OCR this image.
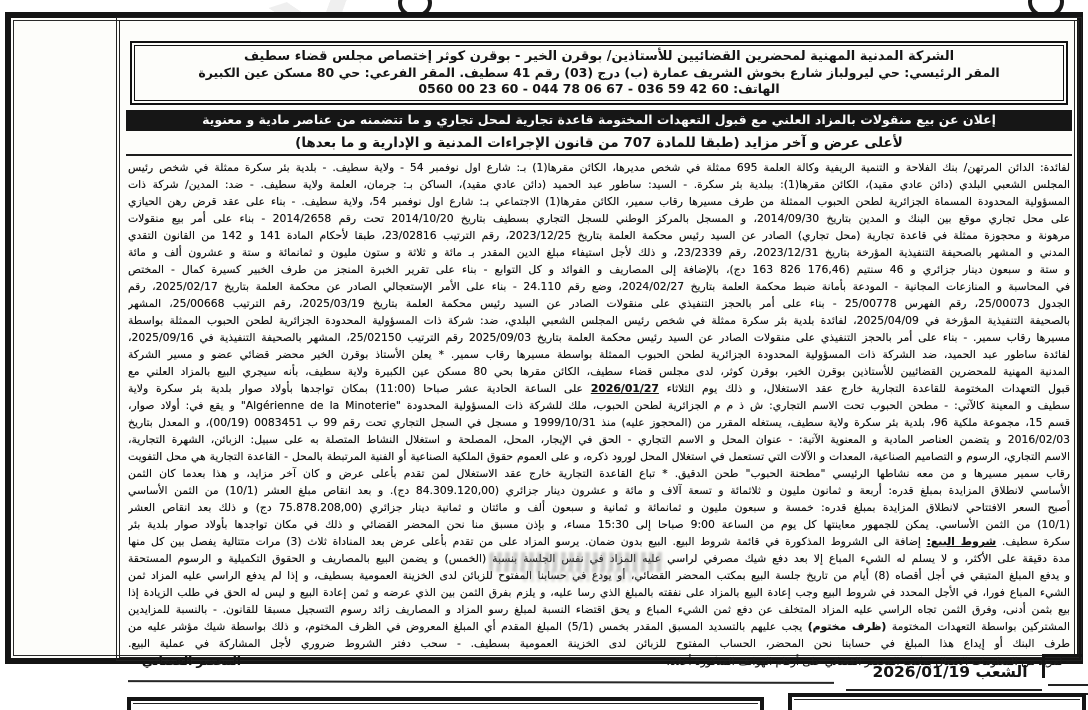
الشركة المدنية المهنية لمحضرين القضائيين للأستاذين/ بوقرن الخير - بوقرن كوثر إختصاص مجلس قضاء سطيف
المقر الرئيسي: حي ليرولباز شارع بخوش الشريف عمارة (ب) درج (03) رقم 41 سطيف. المقر الفرعي: حي 80 مسكن عين الكبيرة
الهاتف: 0560 00 23 60 - 044 78 06 67 - 036 59 42 60
إعلان عن بيع منقولات بالمزاد العلني مع قبول التعهدات المختومة قاعدة تجارية لمحل تجاري و ما تتضمنه من عناصر مادية و معنوية
لأعلى عرض و آخر مزايد (طبقا للمادة 707 من قانون الإجراءات المدنية و الإدارية و ما بعدها)
لفائدة: الدائن المرتهن/ بنك الفلاحة و التنمية الريفية وكالة العلمة 695 ممثلة في شخص مديرها، الكائن مقرها(1) بـ: شارع اول نوفمبر 54 - ولاية سطيف. - بلدية بئر سكرة ممثلة في شخص رئيس
المجلس الشعبي البلدي (دائن عادي مقيد)، الكائن مقرها(1): ببلدية بئر سكرة. - السيد: ساطور عبد الحميد (دائن عادي مقيد)، الساكن بـ: جرمان، العلمة ولاية سطيف. - ضد: المدين/ شركة ذات
المسؤولية المحدودة المسماة الجزائرية لطحن الحبوب الممثلة من طرف مسيرها رقاب سمير، الكائن مقرها(1) الاجتماعي بـ: شارع اول نوفمبر 54، ولاية سطيف. - بناء على عقد قرض رهن الحيازي
على محل تجاري موقع بين البنك و المدين بتاريخ 2014/09/30، و المسجل بالمركز الوطني للسجل التجاري بسطيف بتاريخ 2014/10/20 تحت رقم 2014/2658 - بناء على أمر بيع منقولات
مرهونة و محجوزة ممثلة في قاعدة تجارية (محل تجاري) الصادر عن السيد رئيس محكمة العلمة بتاريخ 2023/12/25، رقم الترتيب 23/02816، طبقا لأحكام المادة 141 و 142 من القانون التقدي
المدني و المشهر بالصحيفة التنفيذية المؤرخة بتاريخ 2023/12/31، رقم 23/2339، و ذلك لأجل استيفاء مبلغ الدين المقدر بـ مائة و ثلاثة و ستون مليون و ثمانمائة و ستة و عشرون ألف و مائة
و ستة و سبعون دينار جزائري و 46 سنتيم (⁦163 826 176,46⁩ دج)، بالإضافة إلى المصاريف و الفوائد و كل التوابع - بناء على تقرير الخبرة المنجز من طرف الخبير كسيرة كمال - المختص
في المحاسبة و المنازعات المجانية - المودعة بأمانة ضبط محكمة العلمة بتاريخ 2024/02/27، وضع رقم 24.110 - بناء على الأمر الإستعجالي الصادر عن محكمة العلمة بتاريخ 2025/02/17، رقم
الجدول 25/00073، رقم الفهرس 25/00778 - بناء على أمر بالحجز التنفيذي على منقولات الصادر عن السيد رئيس محكمة العلمة بتاريخ 2025/03/19، رقم الترتيب 25/00668، المشهر
بالصحيفة التنفيذية المؤرخة في 2025/04/09، لفائدة بلدية بئر سكرة ممثلة في شخص رئيس المجلس الشعبي البلدي، ضد: شركة ذات المسؤولية المحدودة الجزائرية لطحن الحبوب الممثلة بواسطة
مسيرها رقاب سمير. - بناء على أمر بالحجز التنفيذي على منقولات الصادر عن السيد رئيس محكمة العلمة بتاريخ 2025/09/03 رقم الترتيب 25/02150، المشهر بالصحيفة التنفيذية في 2025/09/16،
لفائدة ساطور عبد الحميد، ضد الشركة ذات المسؤولية المحدودة الجزائرية لطحن الحبوب الممثلة بواسطة مسيرها رقاب سمير. * يعلن الأستاذ بوقرن الخير محضر قضائي عضو و مسير الشركة
المدنية المهنية للمحضرين القضائيين للأستاذين بوقرن الخير، بوقرن كوثر، لدى مجلس قضاء سطيف، الكائن مقرها بحي 80 مسكن عين الكبيرة ولاية سطيف، بأنه سيجري البيع بالمزاد العلني مع
قبول التعهدات المختومة للقاعدة التجارية خارج عقد الاستغلال، و ذلك يوم الثلاثاء 2026/01/27 على الساعة الحادية عشر صباحا (11:00) بمكان تواجدها بأولاد صوار بلدية بئر سكرة ولاية
سطيف و المعينة كالآتي: - مطحن الحبوب تحت الاسم التجاري: ش ذ م م الجزائرية لطحن الحبوب، ملك للشركة ذات المسؤولية المحدودة "Algérienne de la Minoterie" و يقع في: أولاد صوار،
قسم 15، مجموعة ملكية 96، بلدية بئر سكرة ولاية سطيف، يستغله المقرر من (المحجوز عليه) منذ 1999/10/31 و مسجل في السجل التجاري تحت رقم 99 ب 0083451 (00/19)، و المعدل بتاريخ
2016/02/03 و يتضمن العناصر المادية و المعنوية الآتية: - عنوان المحل و الاسم التجاري - الحق في الإيجار، المحل، المصلحة و استغلال النشاط المتصلة به على سبيل: الزبائن، الشهرة التجارية،
الاسم التجاري، الرسوم و التصاميم الصناعية، المعدات و الآلات التي تستعمل في استغلال المحل لورود ذكره، و على العموم حقوق الملكية الصناعية أو الفنية المرتبطة بالمحل - القاعدة التجارية هي محل التفويت
رقاب سمير مسيرها و من معه نشاطها الرئيسي "مطحنة الحبوب" طحن الدقيق. * تباع القاعدة التجارية خارج عقد الاستغلال لمن تقدم بأعلى عرض و كان آخر مزايد، و هذا بعدما كان الثمن
الأساسي لانطلاق المزايدة بمبلغ قدره: أربعة و ثمانون مليون و ثلاثمائة و تسعة آلاف و مائة و عشرون دينار جزائري (84.309.120,00 دج). و بعد انقاص مبلغ العشر (10/1) من الثمن الأساسي
أصبح السعر الافتتاحي لانطلاق المزايدة بمبلغ قدره: خمسة و سبعون مليون و ثمانمائة و ثمانية و سبعون ألف و مائتان و ثمانية دينار جزائري (75.878.208,00 دج) و ذلك بعد انقاص العشر
(10/1) من الثمن الأساسي. يمكن للجمهور معاينتها كل يوم من الساعة 9:00 صباحا إلى 15:30 مساء، و بإذن مسبق منا نحن المحضر القضائي و ذلك في مكان تواجدها بأولاد صوار بلدية بئر
سكرة سطيف. شروط البيع: إضافة الى الشروط المذكورة في قائمة شروط البيع. البيع بدون ضمان. يرسو المزاد على من تقدم بأعلى عرض بعد المناداة ثلاث (3) مرات متتالية يفصل بين كل منها
مدة دقيقة على الأكثر، و لا يسلم له الشيء المباع إلا بعد دفع شيك مصرفي لراسي عليه المزاد في نفس الجلسة بنسبة (الخمس) و يضمن البيع بالمصاريف و الحقوق التكميلية و الرسوم المستحقة
و يدفع المبلغ المتبقي في أجل أقصاه (8) أيام من تاريخ جلسة البيع بمكتب المحضر القضائي، أو يودع في حسابنا المفتوح للزبائن لدى الخزينة العمومية بسطيف، و إذا لم يدفع الراسي عليه المزاد ثمن
الشيء المباع فورا، في الأجل المحدد في شروط البيع وجب إعادة البيع بالمزاد على نفقته بالمبلغ الذي رسا عليه، و يلزم بفرق الثمن بين الذي عرضه و ثمن إعادة البيع و ليس له الحق في طلب الزيادة إذا
بيع بثمن أدنى، وفرق الثمن تجاه الراسي عليه المزاد المتخلف عن دفع ثمن الشيء المباع و يحق اقتضاء النسبة لمبلغ رسو المزاد و المصاريف زائد رسوم التسجيل مسبقا للقانون. - بالنسبة للمزايدين
المشتركين بواسطة التعهدات المختومة (ظرف مختوم) يجب عليهم بالتسديد المسبق المقدر بخمس (5/1) المبلغ المقدم أي المبلغ المعروض في الظرف المختوم، و ذلك بواسطة شيك مؤشر عليه من
طرف البنك أو إيداع هذا المبلغ في حسابنا نحن المحضر، الحساب المفتوح للزبائن لدى الخزينة العمومية بسطيف. - سحب دفتر الشروط ضروري لأجل المشاركة في عملية البيع.
- لمزيد من المعلومات الاتصال بمكتب المحضر القضائي على أرقام الهواتف المذكورة أعلاه.
المحضر القضائي
الشعب 2026/01/19
